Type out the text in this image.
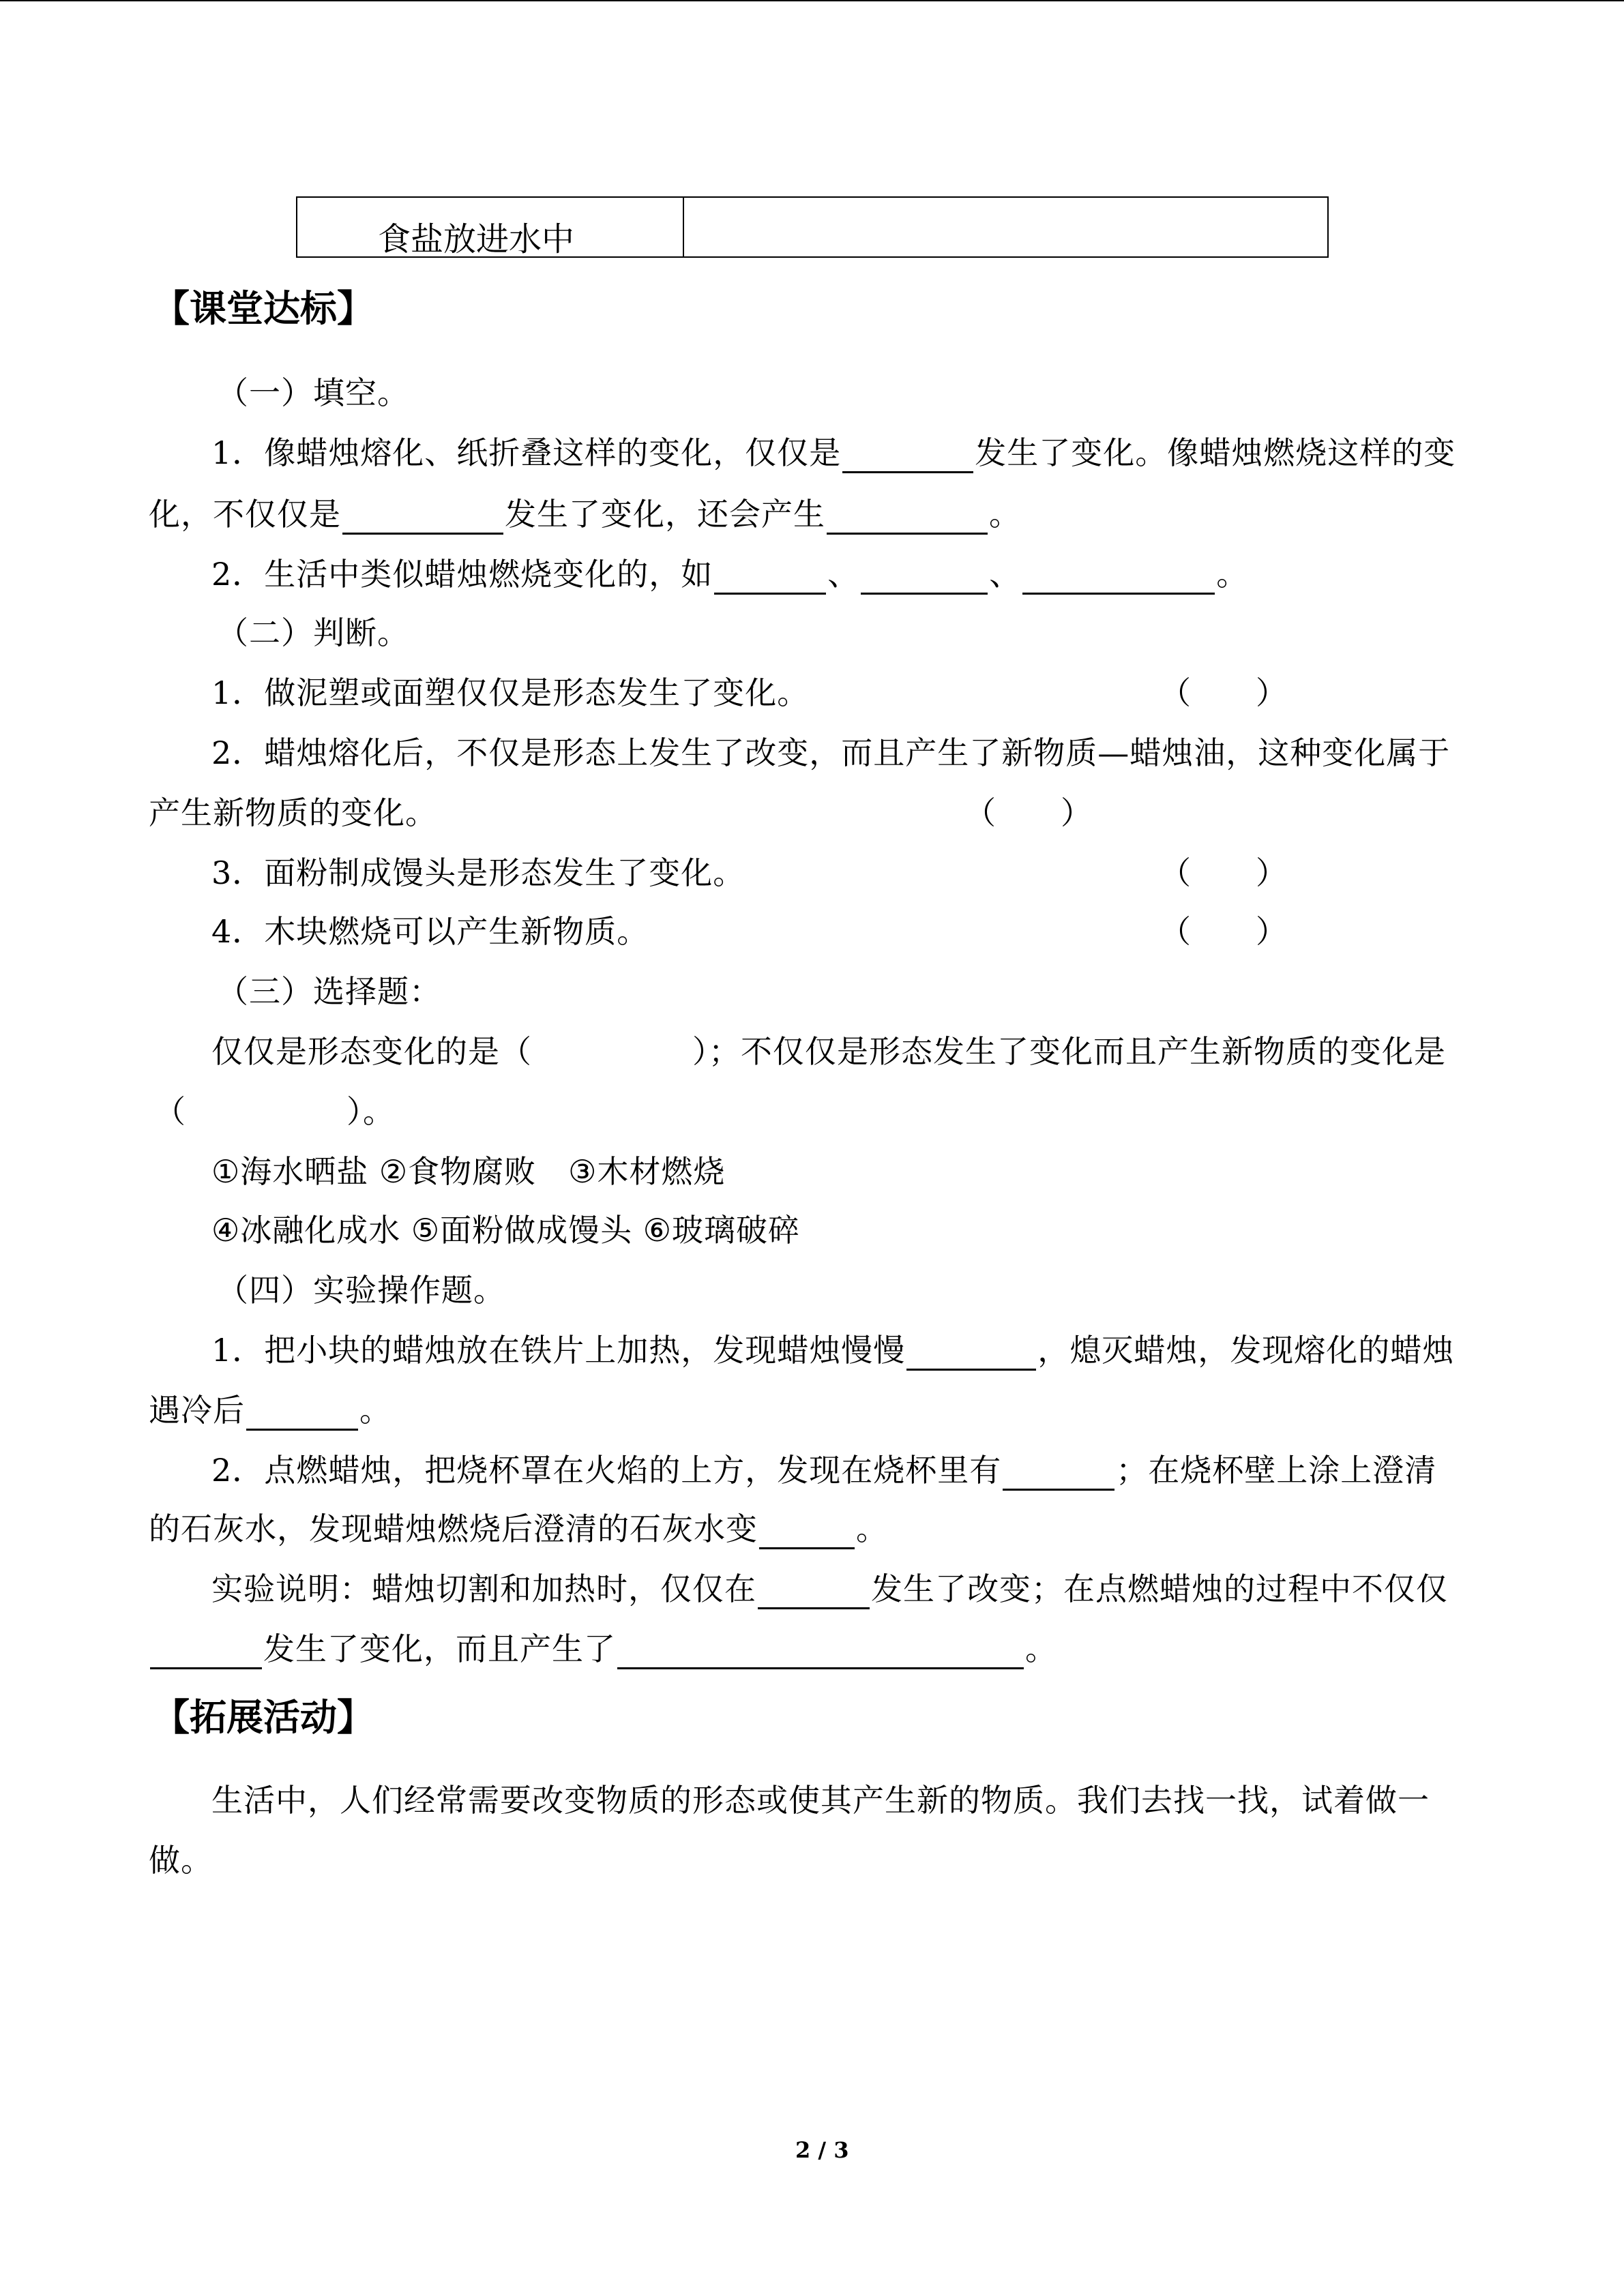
食盐放进水中
【课堂达标】
（一）填空。
1．像蜡烛熔化、纸折叠这样的变化，仅仅是	发生了变化。像蜡烛燃烧这样的变
化，不仅仅是	发生了变化，还会产生	。
2．生活中类似蜡烛燃烧变化的，如	、	、	。
（二）判断。
1．做泥塑或面塑仅仅是形态发生了变化。	（　　）
2．蜡烛熔化后，不仅是形态上发生了改变，而且产生了新物质—蜡烛油，这种变化属于
产生新物质的变化。	（　　）
3．面粉制成馒头是形态发生了变化。	（　　）
4．木块燃烧可以产生新物质。	（　　）
（三）选择题：
仅仅是形态变化的是（　　　　　）；不仅仅是形态发生了变化而且产生新物质的变化是
（　　　　　）。
①海水晒盐 ②食物腐败　③木材燃烧
④冰融化成水 ⑤面粉做成馒头 ⑥玻璃破碎
（四）实验操作题。
1．把小块的蜡烛放在铁片上加热，发现蜡烛慢慢	，熄灭蜡烛，发现熔化的蜡烛
遇冷后	。
2．点燃蜡烛，把烧杯罩在火焰的上方，发现在烧杯里有	；在烧杯壁上涂上澄清
的石灰水，发现蜡烛燃烧后澄清的石灰水变	。
实验说明：蜡烛切割和加热时，仅仅在	发生了改变；在点燃蜡烛的过程中不仅仅
发生了变化，而且产生了	。
【拓展活动】
生活中，人们经常需要改变物质的形态或使其产生新的物质。我们去找一找，试着做一
做。
2 / 3
